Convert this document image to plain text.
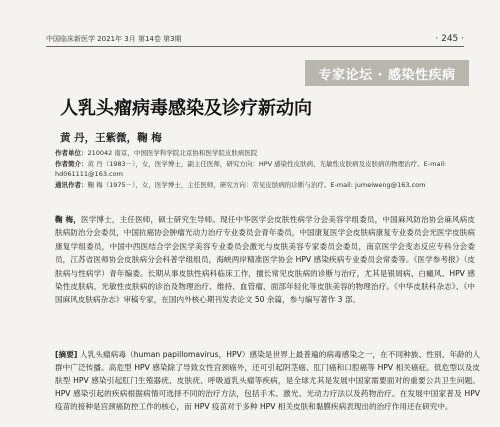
中国临床新医学 2021年 3月 第14卷 第3期	· 245 ·
专家论坛 · 感染性疾病
人乳头瘤病毒感染及诊疗新动向
黄 丹，王紫微，鞠 梅
作者单位：210042 南京，中国医学科学院北京协和医学院皮肤病医院
作者简介：黄 丹（1983－），女，医学博士，副主任医师，研究方向：HPV 感染性皮肤病、光敏性皮肤病及皮肤病的物理治疗。E-mail: hd061111@163.com
通讯作者：鞠 梅（1975－），女，医学博士，主任医师，研究方向：常见皮肤病的诊断与治疗。E-mail: jumeiweng@163.com
鞠 梅，医学博士，主任医师，硕士研究生导师。现任中华医学会皮肤性病学分会美容学组委员，中国麻风防治协会麻风病皮肤病防治分会委员，中国抗癌协会肿瘤光动力治疗专业委员会青年委员，中国康复医学会皮肤病康复专业委员会光医学皮肤病康复学组委员，中国中西医结合学会医学美容专业委员会激光与皮肤美容专家委员会委员，南京医学会变态反应专科分会委员，江苏省医师协会皮肤病分会科普学组组员，海峡两岸精准医学协会 HPV 感染疾病专业委员会常委等。《医学参考报》（皮肤病与性病学）青年编委。长期从事皮肤性病科临床工作，擅长常见皮肤病的诊断与治疗，尤其是银屑病、白癜风、HPV 感染性皮肤病、光敏性皮肤病的诊治及物理治疗、维持、血管瘤、面部年轻化等皮肤美容的物理治疗。《中华皮肤科杂志》、《中国麻风皮肤病杂志》审稿专家，在国内外核心期刊发表论文 50 余篇，参与编写著作 3 部。
[摘要] 人乳头瘤病毒（human papillomavirus，HPV）感染是世界上最普遍的病毒感染之一，在不同种族、性别、年龄的人群中广泛传播。高危型 HPV 感染除了导致女性宫颈癌外，还可引起阴茎癌、肛门癌和口腔癌等 HPV 相关癌症。低危型以及皮肤型 HPV 感染引起肛门生殖器疣、皮肤疣、呼吸道乳头瘤等疾病，是全球尤其是发展中国家需要面对的重要公共卫生问题。HPV 感染引起的疾病根据病情可选择不同的治疗方法，包括手术、激光、光动力疗法以及药物治疗。在发展中国家普及 HPV 疫苗的接种是宫颈癌防控工作的核心，而 HPV 疫苗对于多种 HPV 相关皮肤和黏膜疾病表现出的治疗作用还在研究中。
